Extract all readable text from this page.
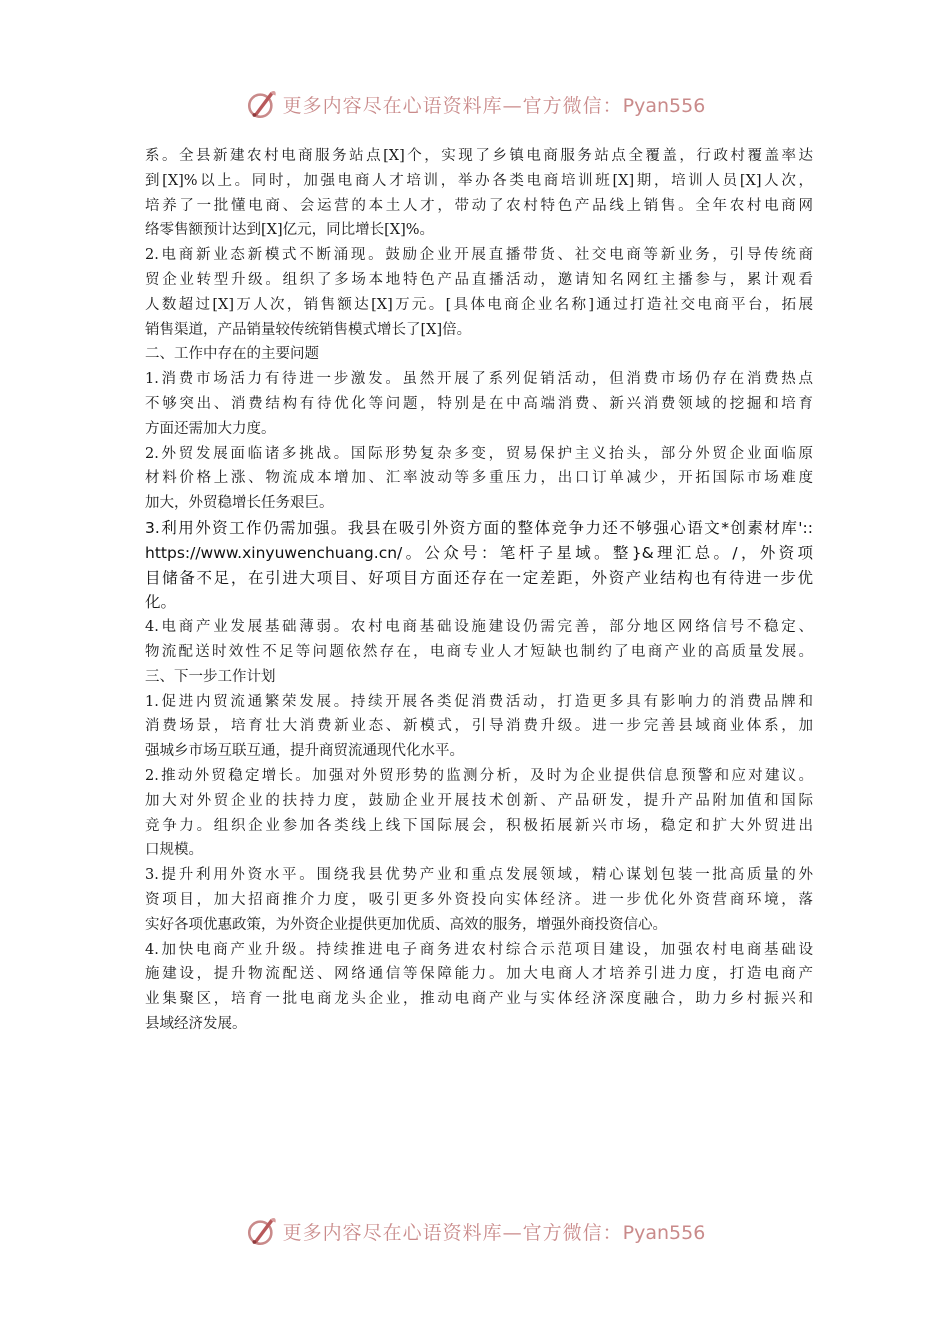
更多内容尽在心语资料库—官方微信：Pyan556
系。全县新建农村电商服务站点[X]个，实现了乡镇电商服务站点全覆盖，行政村覆盖率达
到[X]%以上。同时，加强电商人才培训，举办各类电商培训班[X]期，培训人员[X]人次，
培养了一批懂电商、会运营的本土人才，带动了农村特色产品线上销售。全年农村电商网
络零售额预计达到[X]亿元，同比增长[X]%。
2.电商新业态新模式不断涌现。鼓励企业开展直播带货、社交电商等新业务，引导传统商
贸企业转型升级。组织了多场本地特色产品直播活动，邀请知名网红主播参与，累计观看
人数超过[X]万人次，销售额达[X]万元。[具体电商企业名称]通过打造社交电商平台，拓展
销售渠道，产品销量较传统销售模式增长了[X]倍。
二、工作中存在的主要问题
1.消费市场活力有待进一步激发。虽然开展了系列促销活动，但消费市场仍存在消费热点
不够突出、消费结构有待优化等问题，特别是在中高端消费、新兴消费领域的挖掘和培育
方面还需加大力度。
2.外贸发展面临诸多挑战。国际形势复杂多变，贸易保护主义抬头，部分外贸企业面临原
材料价格上涨、物流成本增加、汇率波动等多重压力，出口订单减少，开拓国际市场难度
加大，外贸稳增长任务艰巨。
3.利用外资工作仍需加强。我县在吸引外资方面的整体竞争力还不够强心语文*创素材库'::
https://www.xinyuwenchuang.cn/。公众号：笔杆子星域。整}&理汇总。/，外资项
目储备不足，在引进大项目、好项目方面还存在一定差距，外资产业结构也有待进一步优
化。
4.电商产业发展基础薄弱。农村电商基础设施建设仍需完善，部分地区网络信号不稳定、
物流配送时效性不足等问题依然存在，电商专业人才短缺也制约了电商产业的高质量发展。
三、下一步工作计划
1.促进内贸流通繁荣发展。持续开展各类促消费活动，打造更多具有影响力的消费品牌和
消费场景，培育壮大消费新业态、新模式，引导消费升级。进一步完善县域商业体系，加
强城乡市场互联互通，提升商贸流通现代化水平。
2.推动外贸稳定增长。加强对外贸形势的监测分析，及时为企业提供信息预警和应对建议。
加大对外贸企业的扶持力度，鼓励企业开展技术创新、产品研发，提升产品附加值和国际
竞争力。组织企业参加各类线上线下国际展会，积极拓展新兴市场，稳定和扩大外贸进出
口规模。
3.提升利用外资水平。围绕我县优势产业和重点发展领域，精心谋划包装一批高质量的外
资项目，加大招商推介力度，吸引更多外资投向实体经济。进一步优化外资营商环境，落
实好各项优惠政策，为外资企业提供更加优质、高效的服务，增强外商投资信心。
4.加快电商产业升级。持续推进电子商务进农村综合示范项目建设，加强农村电商基础设
施建设，提升物流配送、网络通信等保障能力。加大电商人才培养引进力度，打造电商产
业集聚区，培育一批电商龙头企业，推动电商产业与实体经济深度融合，助力乡村振兴和
县域经济发展。
更多内容尽在心语资料库—官方微信：Pyan556
